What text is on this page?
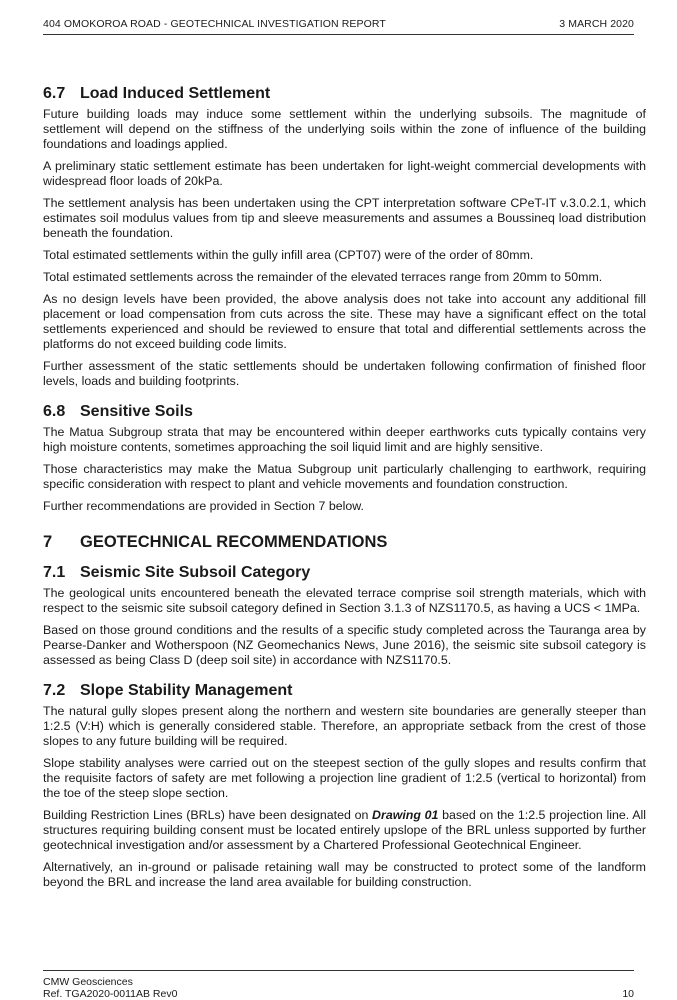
404 OMOKOROA ROAD - GEOTECHNICAL INVESTIGATION REPORT	3 MARCH 2020
6.7 Load Induced Settlement

Future building loads may induce some settlement within the underlying subsoils. The magnitude of settlement will depend on the stiffness of the underlying soils within the zone of influence of the building foundations and loadings applied.

A preliminary static settlement estimate has been undertaken for light-weight commercial developments with widespread floor loads of 20kPa.

The settlement analysis has been undertaken using the CPT interpretation software CPeT-IT v.3.0.2.1, which estimates soil modulus values from tip and sleeve measurements and assumes a Boussineq load distribution beneath the foundation.

Total estimated settlements within the gully infill area (CPT07) were of the order of 80mm.

Total estimated settlements across the remainder of the elevated terraces range from 20mm to 50mm.

As no design levels have been provided, the above analysis does not take into account any additional fill placement or load compensation from cuts across the site. These may have a significant effect on the total settlements experienced and should be reviewed to ensure that total and differential settlements across the platforms do not exceed building code limits.

Further assessment of the static settlements should be undertaken following confirmation of finished floor levels, loads and building footprints.

6.8 Sensitive Soils

The Matua Subgroup strata that may be encountered within deeper earthworks cuts typically contains very high moisture contents, sometimes approaching the soil liquid limit and are highly sensitive.

Those characteristics may make the Matua Subgroup unit particularly challenging to earthwork, requiring specific consideration with respect to plant and vehicle movements and foundation construction.

Further recommendations are provided in Section 7 below.

7	GEOTECHNICAL RECOMMENDATIONS
7.1 Seismic Site Subsoil Category

The geological units encountered beneath the elevated terrace comprise soil strength materials, which with respect to the seismic site subsoil category defined in Section 3.1.3 of NZS1170.5, as having a UCS < 1MPa.

Based on those ground conditions and the results of a specific study completed across the Tauranga area by Pearse-Danker and Wotherspoon (NZ Geomechanics News, June 2016), the seismic site subsoil category is assessed as being Class D (deep soil site) in accordance with NZS1170.5.

7.2 Slope Stability Management

The natural gully slopes present along the northern and western site boundaries are generally steeper than 1:2.5 (V:H) which is generally considered stable. Therefore, an appropriate setback from the crest of those slopes to any future building will be required.

Slope stability analyses were carried out on the steepest section of the gully slopes and results confirm that the requisite factors of safety are met following a projection line gradient of 1:2.5 (vertical to horizontal) from the toe of the steep slope section.

Building Restriction Lines (BRLs) have been designated on Drawing 01 based on the 1:2.5 projection line. All structures requiring building consent must be located entirely upslope of the BRL unless supported by further geotechnical investigation and/or assessment by a Chartered Professional Geotechnical Engineer.

Alternatively, an in-ground or palisade retaining wall may be constructed to protect some of the landform beyond the BRL and increase the land area available for building construction.

CMW Geosciences
Ref. TGA2020-0011AB Rev0	10
